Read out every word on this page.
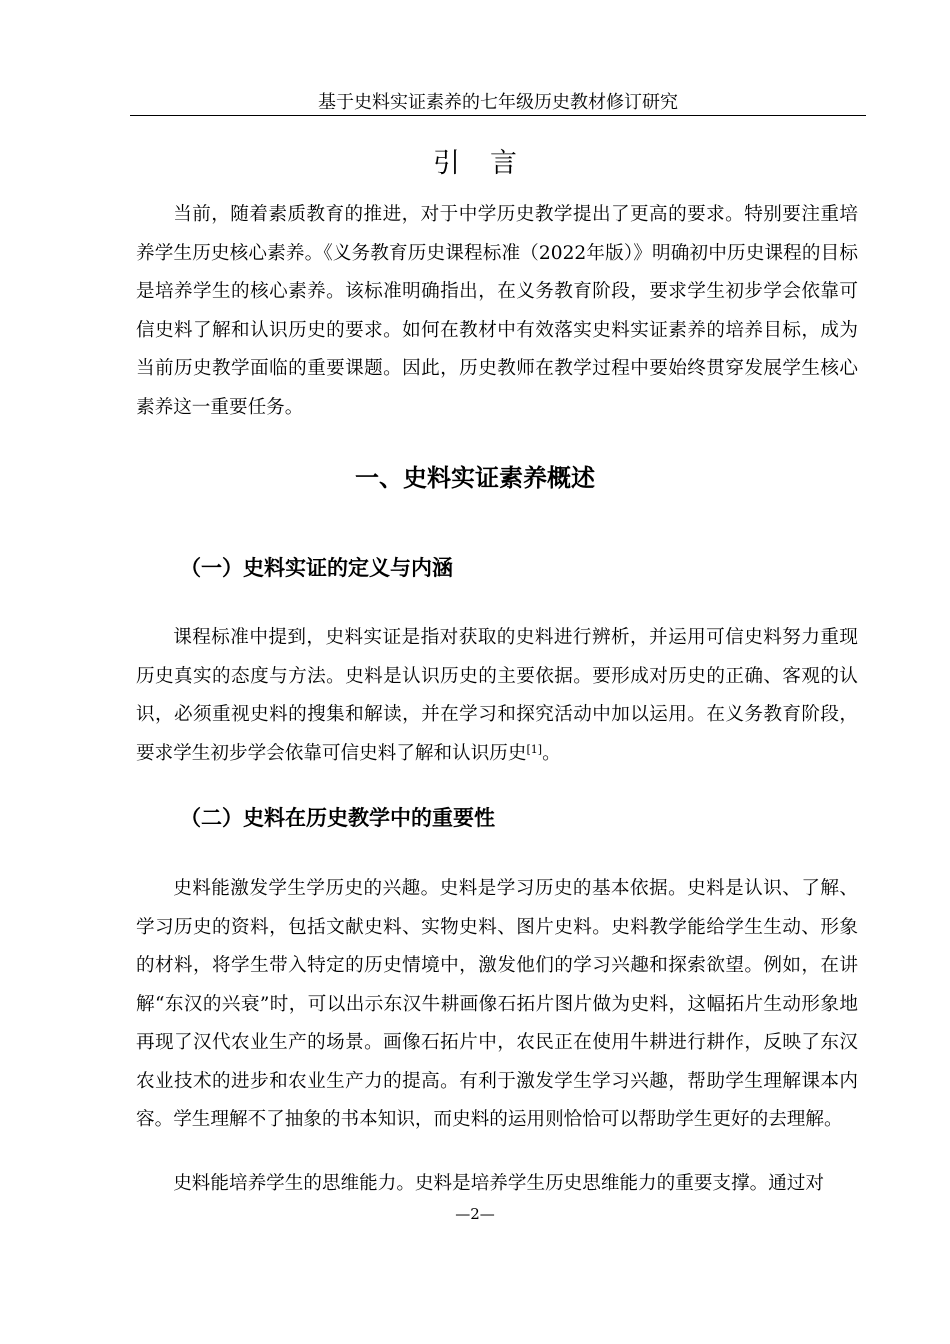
基于史料实证素养的七年级历史教材修订研究
引言

当前，随着素质教育的推进，对于中学历史教学提出了更高的要求。特别要注重培养学生历史核心素养。《义务教育历史课程标准（2022年版）》明确初中历史课程的目标是培养学生的核心素养。该标准明确指出，在义务教育阶段，要求学生初步学会依靠可信史料了解和认识历史的要求。如何在教材中有效落实史料实证素养的培养目标，成为当前历史教学面临的重要课题。因此，历史教师在教学过程中要始终贯穿发展学生核心素养这一重要任务。

一、史料实证素养概述
（一）史料实证的定义与内涵

课程标准中提到，史料实证是指对获取的史料进行辨析，并运用可信史料努力重现历史真实的态度与方法。史料是认识历史的主要依据。要形成对历史的正确、客观的认识，必须重视史料的搜集和解读，并在学习和探究活动中加以运用。在义务教育阶段，要求学生初步学会依靠可信史料了解和认识历史[1]。

（二）史料在历史教学中的重要性

史料能激发学生学历史的兴趣。史料是学习历史的基本依据。史料是认识、了解、学习历史的资料，包括文献史料、实物史料、图片史料。史料教学能给学生生动、形象的材料，将学生带入特定的历史情境中，激发他们的学习兴趣和探索欲望。例如，在讲解“东汉的兴衰”时，可以出示东汉牛耕画像石拓片图片做为史料，这幅拓片生动形象地再现了汉代农业生产的场景。画像石拓片中，农民正在使用牛耕进行耕作，反映了东汉农业技术的进步和农业生产力的提高。有利于激发学生学习兴趣，帮助学生理解课本内容。学生理解不了抽象的书本知识，而史料的运用则恰恰可以帮助学生更好的去理解。

史料能培养学生的思维能力。史料是培养学生历史思维能力的重要支撑。通过对

—2—
